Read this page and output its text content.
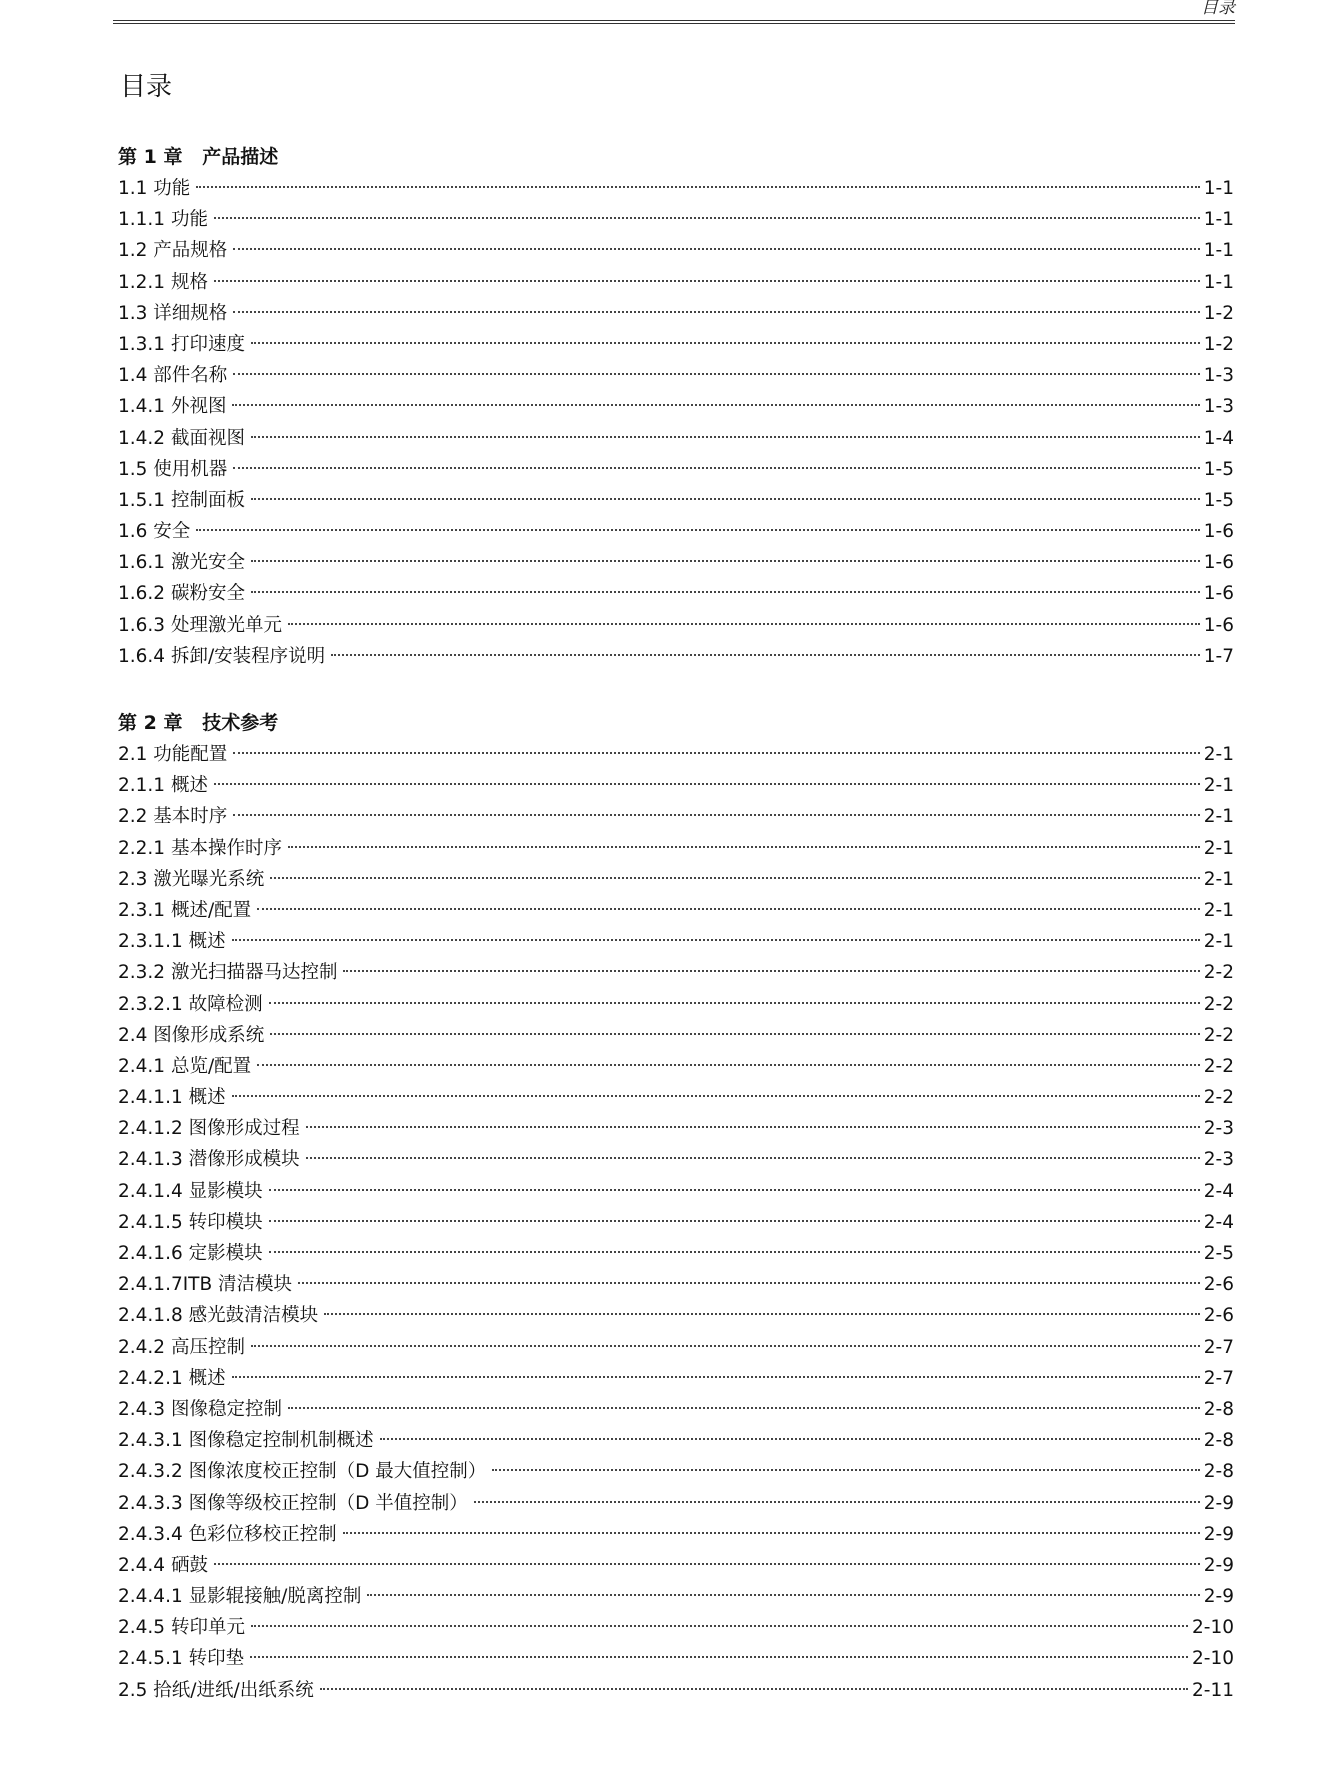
目录
目录
第 1 章   产品描述
1.1 功能	1-1
1.1.1 功能	1-1
1.2 产品规格	1-1
1.2.1 规格	1-1
1.3 详细规格	1-2
1.3.1 打印速度	1-2
1.4 部件名称	1-3
1.4.1 外视图	1-3
1.4.2 截面视图	1-4
1.5 使用机器	1-5
1.5.1 控制面板	1-5
1.6 安全	1-6
1.6.1 激光安全	1-6
1.6.2 碳粉安全	1-6
1.6.3 处理激光单元	1-6
1.6.4 拆卸/安装程序说明	1-7
第 2 章   技术参考
2.1 功能配置	2-1
2.1.1 概述	2-1
2.2 基本时序	2-1
2.2.1 基本操作时序	2-1
2.3 激光曝光系统	2-1
2.3.1 概述/配置	2-1
2.3.1.1 概述	2-1
2.3.2 激光扫描器马达控制	2-2
2.3.2.1 故障检测	2-2
2.4 图像形成系统	2-2
2.4.1 总览/配置	2-2
2.4.1.1 概述	2-2
2.4.1.2 图像形成过程	2-3
2.4.1.3 潜像形成模块	2-3
2.4.1.4 显影模块	2-4
2.4.1.5 转印模块	2-4
2.4.1.6 定影模块	2-5
2.4.1.7ITB 清洁模块	2-6
2.4.1.8 感光鼓清洁模块	2-6
2.4.2 高压控制	2-7
2.4.2.1 概述	2-7
2.4.3 图像稳定控制	2-8
2.4.3.1 图像稳定控制机制概述	2-8
2.4.3.2 图像浓度校正控制（D 最大值控制）	2-8
2.4.3.3 图像等级校正控制（D 半值控制）	2-9
2.4.3.4 色彩位移校正控制	2-9
2.4.4 硒鼓	2-9
2.4.4.1 显影辊接触/脱离控制	2-9
2.4.5 转印单元	2-10
2.4.5.1 转印垫	2-10
2.5 拾纸/进纸/出纸系统	2-11
